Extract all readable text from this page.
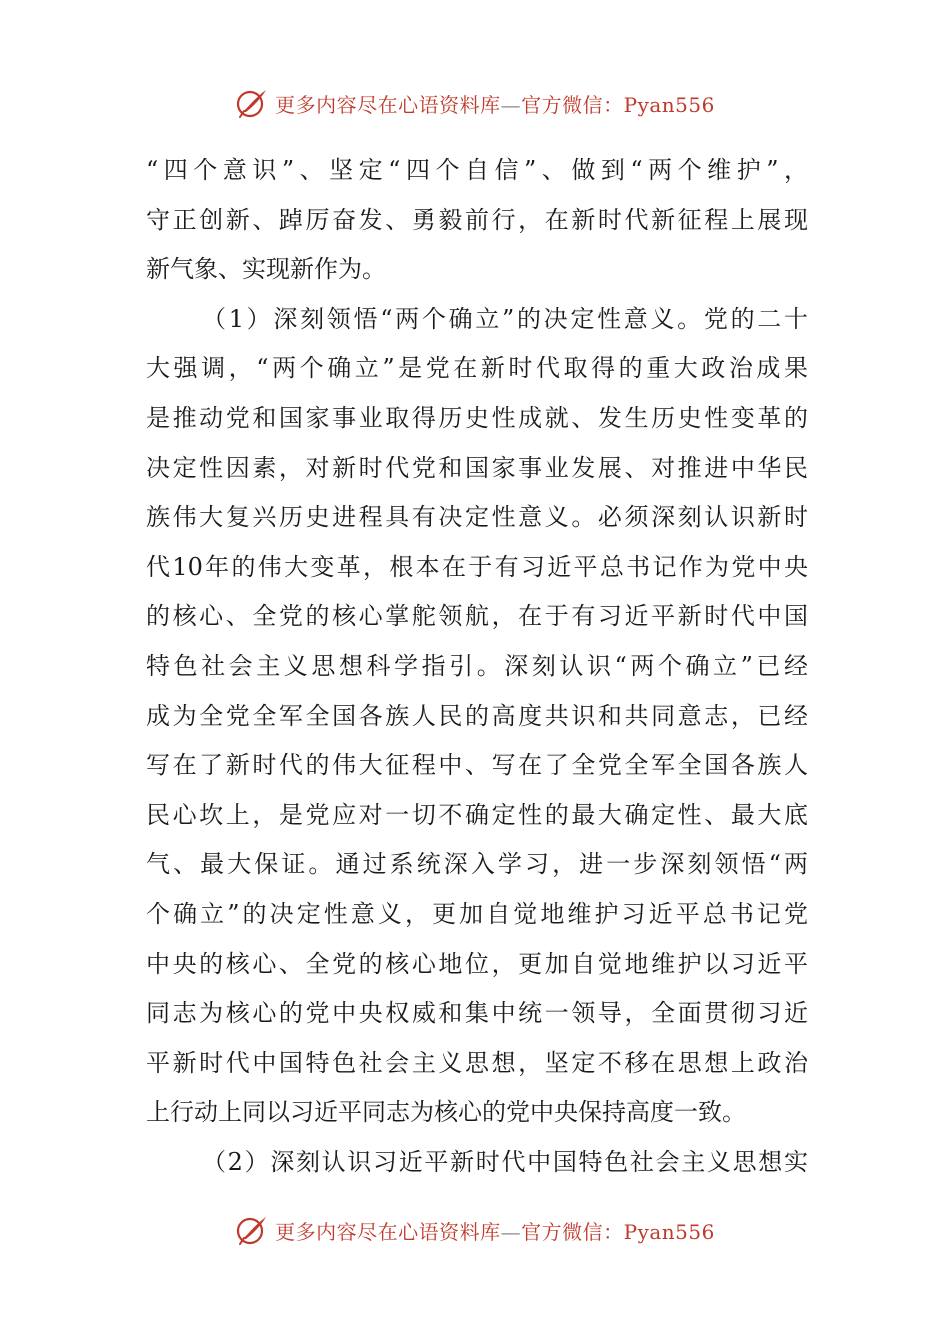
更多内容尽在心语资料库—官方微信：Pyan556
“四个意识”、坚定“四个自信”、做到“两个维护”，
守正创新、踔厉奋发、勇毅前行，在新时代新征程上展现
新气象、实现新作为。
（1）深刻领悟“两个确立”的决定性意义。党的二十
大强调，“两个确立”是党在新时代取得的重大政治成果
是推动党和国家事业取得历史性成就、发生历史性变革的
决定性因素，对新时代党和国家事业发展、对推进中华民
族伟大复兴历史进程具有决定性意义。必须深刻认识新时
代10年的伟大变革，根本在于有习近平总书记作为党中央
的核心、全党的核心掌舵领航，在于有习近平新时代中国
特色社会主义思想科学指引。深刻认识“两个确立”已经
成为全党全军全国各族人民的高度共识和共同意志，已经
写在了新时代的伟大征程中、写在了全党全军全国各族人
民心坎上，是党应对一切不确定性的最大确定性、最大底
气、最大保证。通过系统深入学习，进一步深刻领悟“两
个确立”的决定性意义，更加自觉地维护习近平总书记党
中央的核心、全党的核心地位，更加自觉地维护以习近平
同志为核心的党中央权威和集中统一领导，全面贯彻习近
平新时代中国特色社会主义思想，坚定不移在思想上政治
上行动上同以习近平同志为核心的党中央保持高度一致。
（2）深刻认识习近平新时代中国特色社会主义思想实
更多内容尽在心语资料库—官方微信：Pyan556
